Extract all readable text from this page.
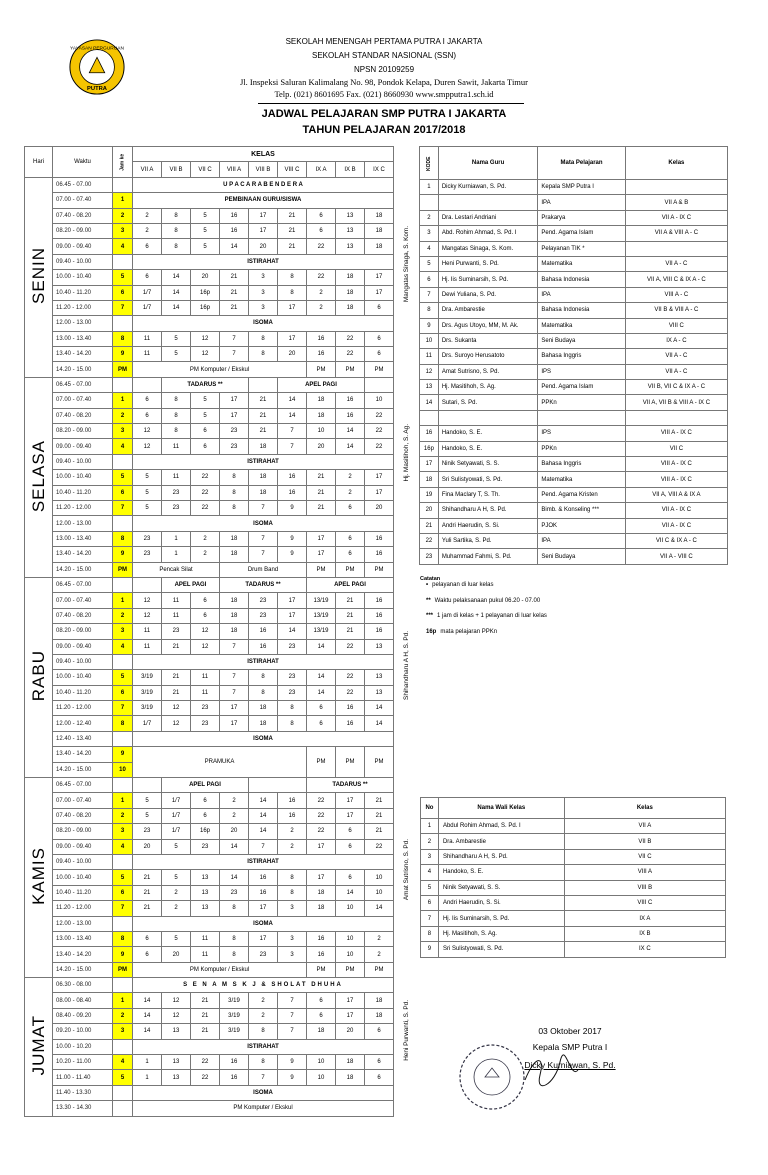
YAYASAN PERGURUAN
PUTRA
SEKOLAH MENENGAH PERTAMA PUTRA I JAKARTA
SEKOLAH STANDAR NASIONAL (SSN)
NPSN 20109259
Jl. Inspeksi Saluran Kalimalang No. 98, Pondok Kelapa, Duren Sawit, Jakarta Timur
Telp. (021) 8601695 Fax. (021) 8660930 www.smpputra1.sch.id
JADWAL PELAJARAN SMP PUTRA I JAKARTA
TAHUN PELAJARAN 2017/2018
Hari	Waktu	Jam ke	KELAS								
			VII A	VII B	VII C	VIII A	VIII B	VIII C	IX A	IX B	IX C
SENIN	06.45 - 07.00		U P A C A R A B E N D E R A								
	07.00 - 07.40	1	PEMBINAAN GURU/SISWA								
	07.40 - 08.20	2	2	8	5	16	17	21	6	13	18
	08.20 - 09.00	3	2	8	5	16	17	21	6	13	18
	09.00 - 09.40	4	6	8	5	14	20	21	22	13	18
	09.40 - 10.00		ISTIRAHAT								
	10.00 - 10.40	5	6	14	20	21	3	8	22	18	17
	10.40 - 11.20	6	1/7	14	16p	21	3	8	2	18	17
	11.20 - 12.00	7	1/7	14	16p	21	3	17	2	18	6
	12.00 - 13.00		ISOMA								
	13.00 - 13.40	8	11	5	12	7	8	17	16	22	6
	13.40 - 14.20	9	11	5	12	7	8	20	16	22	6
	14.20 - 15.00	PM	PM Komputer / Ekskul						PM	PM	PM
SELASA	06.45 - 07.00			TADARUS **				APEL PAGI			
	07.00 - 07.40	1	6	8	5	17	21	14	18	16	10
	07.40 - 08.20	2	6	8	5	17	21	14	18	16	22
	08.20 - 09.00	3	12	8	6	23	21	7	10	14	22
	09.00 - 09.40	4	12	11	6	23	18	7	20	14	22
	09.40 - 10.00		ISTIRAHAT								
	10.00 - 10.40	5	5	11	22	8	18	16	21	2	17
	10.40 - 11.20	6	5	23	22	8	18	16	21	2	17
	11.20 - 12.00	7	5	23	22	8	7	9	21	6	20
	12.00 - 13.00		ISOMA								
	13.00 - 13.40	8	23	1	2	18	7	9	17	6	16
	13.40 - 14.20	9	23	1	2	18	7	9	17	6	16
	14.20 - 15.00	PM	Pencak Silat			Drum Band			PM	PM	PM
RABU	06.45 - 07.00			APEL PAGI		TADARUS **			APEL PAGI		
	07.00 - 07.40	1	12	11	6	18	23	17	13/19	21	16
	07.40 - 08.20	2	12	11	6	18	23	17	13/19	21	16
	08.20 - 09.00	3	11	23	12	18	16	14	13/19	21	16
	09.00 - 09.40	4	11	21	12	7	16	23	14	22	13
	09.40 - 10.00		ISTIRAHAT								
	10.00 - 10.40	5	3/19	21	11	7	8	23	14	22	13
	10.40 - 11.20	6	3/19	21	11	7	8	23	14	22	13
	11.20 - 12.00	7	3/19	12	23	17	18	8	6	16	14
	12.00 - 12.40	8	1/7	12	23	17	18	8	6	16	14
	12.40 - 13.40		ISOMA								
	13.40 - 14.20	9	PRAMUKA						PM	PM	PM
	14.20 - 15.00	10									
KAMIS	06.45 - 07.00			APEL PAGI					TADARUS **		
	07.00 - 07.40	1	5	1/7	6	2	14	16	22	17	21
	07.40 - 08.20	2	5	1/7	6	2	14	16	22	17	21
	08.20 - 09.00	3	23	1/7	16p	20	14	2	22	6	21
	09.00 - 09.40	4	20	5	23	14	7	2	17	6	22
	09.40 - 10.00		ISTIRAHAT								
	10.00 - 10.40	5	21	5	13	14	16	8	17	6	10
	10.40 - 11.20	6	21	2	13	23	16	8	18	14	10
	11.20 - 12.00	7	21	2	13	8	17	3	18	10	14
	12.00 - 13.00		ISOMA								
	13.00 - 13.40	8	6	5	11	8	17	3	16	10	2
	13.40 - 14.20	9	6	20	11	8	23	3	16	10	2
	14.20 - 15.00	PM	PM Komputer / Ekskul						PM	PM	PM
JUMAT	06.30 - 08.00		S E N A M S K J & SHOLAT DHUHA								
	08.00 - 08.40	1	14	12	21	3/19	2	7	6	17	18
	08.40 - 09.20	2	14	12	21	3/19	2	7	6	17	18
	09.20 - 10.00	3	14	13	21	3/19	8	7	18	20	6
	10.00 - 10.20		ISTIRAHAT								
	10.20 - 11.00	4	1	13	22	16	8	9	10	18	6
	11.00 - 11.40	5	1	13	22	16	7	9	10	18	6
	11.40 - 13.30		ISOMA								
	13.30 - 14.30		PM Komputer / Ekskul								
Mangatas Sinaga, S. Kom.
Hj. Masitihoh, S. Ag.
Shihandharu A H, S. Pd.
Amat Sutrisno, S. Pd.
Heni Purwanti, S. Pd.
KODE	Nama Guru	Mata Pelajaran	Kelas
1	Dicky Kurniawan, S. Pd.	Kepala SMP Putra I	
		IPA	VII A & B
2	Dra. Lestari Andriani	Prakarya	VII A - IX C
3	Abd. Rohim Ahmad, S. Pd. I	Pend. Agama Islam	VII A & VIII A - C
4	Mangatas Sinaga, S. Kom.	Pelayanan TIK *	
5	Heni Purwanti, S. Pd.	Matematika	VII A - C
6	Hj. Iis Suminarsih, S. Pd.	Bahasa Indonesia	VII A, VIII C & IX A - C
7	Dewi Yuliana, S. Pd.	IPA	VIII A - C
8	Dra. Ambarestie	Bahasa Indonesia	VII B & VIII A - C
9	Drs. Agus Utoyo, MM, M. Ak.	Matematika	VIII C
10	Drs. Sukanta	Seni Budaya	IX A - C
11	Drs. Suroyo Herusatoto	Bahasa Inggris	VII A - C
12	Amat Sutrisno, S. Pd.	IPS	VII A - C
13	Hj. Masitihoh, S. Ag.	Pend. Agama Islam	VII B, VII C & IX A - C
14	Sutari, S. Pd.	PPKn	VII A, VII B & VIII A - IX C

16	Handoko, S. E.	IPS	VIII A - IX C
16p	Handoko, S. E.	PPKn	VII C
17	Ninik Setyawati, S. S.	Bahasa Inggris	VIII A - IX C
18	Sri Sulistyowati, S. Pd.	Matematika	VIII A - IX C
19	Fina Maclary T, S. Th.	Pend. Agama Kristen	VII A, VIII A & IX A
20	Shihandharu A H, S. Pd.	Bimb. & Konseling ***	VII A - IX C
21	Andri Haerudin, S. Si.	PJOK	VII A - IX C
22	Yuli Sartika, S. Pd.	IPA	VII C & IX A - C
23	Muhammad Fahmi, S. Pd.	Seni Budaya	VII A - VIII C
Catatan
• pelayanan di luar kelas
** Waktu pelaksanaan pukul 06.20 - 07.00
*** 1 jam di kelas + 1 pelayanan di luar kelas
16p mata pelajaran PPKn
No	Nama Wali Kelas	Kelas
1	Abdul Rohim Ahmad, S. Pd. I	VII A
2	Dra. Ambarestie	VII B
3	Shihandharu A H, S. Pd.	VII C
4	Handoko, S. E.	VIII A
5	Ninik Setyawati, S. S.	VIII B
6	Andri Haerudin, S. Si.	VIII C
7	Hj. Iis Suminarsih, S. Pd.	IX A
8	Hj. Masitihoh, S. Ag.	IX B
9	Sri Sulistyowati, S. Pd.	IX C
03 Oktober 2017
Kepala SMP Putra I
Dicky Kurniawan, S. Pd.
